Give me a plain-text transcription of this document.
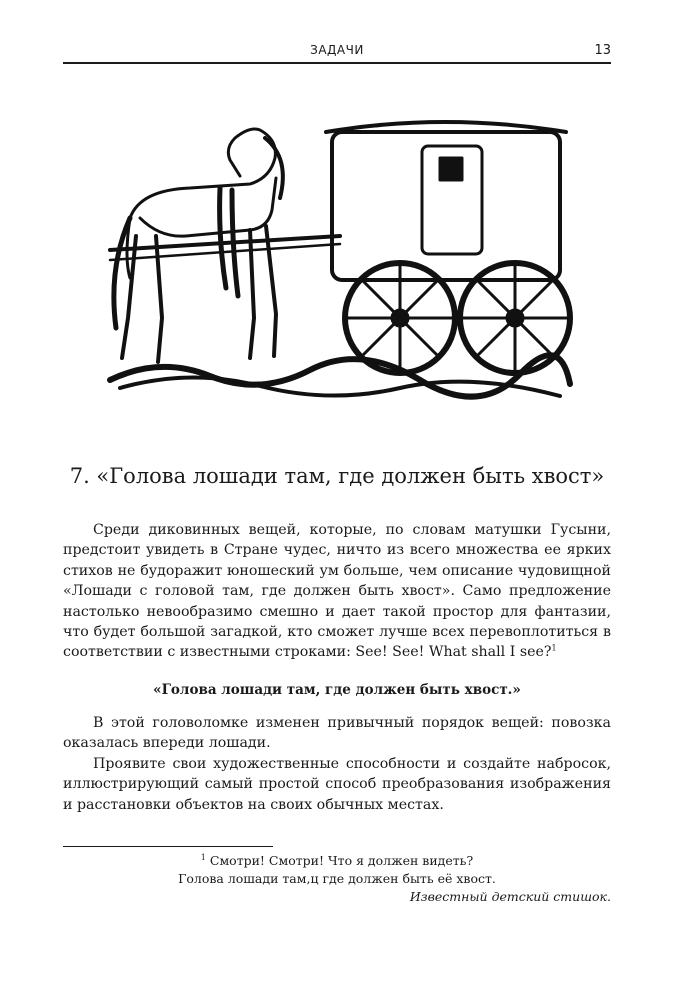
ЗАДАЧИ	13
7. «Голова лошади там, где должен быть хвост»

Среди диковинных вещей, которые, по словам матушки Гусыни, предстоит увидеть в Стране чудес, ничто из всего множества ее ярких стихов не будоражит юношеский ум больше, чем описание чудовищной «Лошади с головой там, где должен быть хвост». Само предложение настолько невообразимо смешно и дает такой простор для фантазии, что будет большой загадкой, кто сможет лучше всех перевоплотиться в соответствии с известными строками: See! See! What shall I see?$^1$

«Голова лошади там, где должен быть хвост.»

В этой головоломке изменен привычный порядок вещей: повозка оказалась впереди лошади.

Проявите свои художественные способности и создайте набросок, иллюстрирующий самый простой способ преобразования изображения и расстановки объектов на своих обычных местах.

$^1$ Смотри! Смотри! Что я должен видеть?
Голова лошади там,ц где должен быть её хвост.
Известный детский стишок.
